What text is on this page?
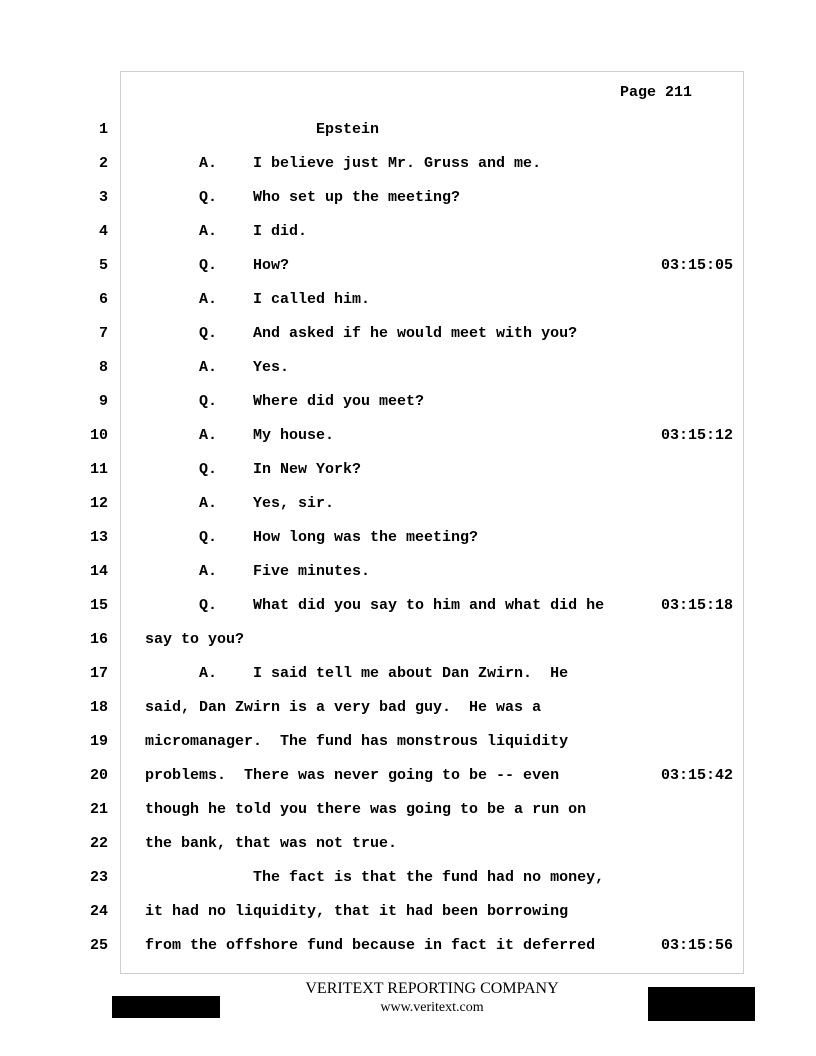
Page 211
1 Epstein
2 A.    I believe just Mr. Gruss and me.
3 Q.    Who set up the meeting?
4 A.    I did.
5 Q.    How?	03:15:05
6 A.    I called him.
7 Q.    And asked if he would meet with you?
8 A.    Yes.
9 Q.    Where did you meet?
10 A.    My house.	03:15:12
11 Q.    In New York?
12 A.    Yes, sir.
13 Q.    How long was the meeting?
14 A.    Five minutes.
15 Q.    What did you say to him and what did he	03:15:18
16 say to you?
17 A.    I said tell me about Dan Zwirn.  He
18 said, Dan Zwirn is a very bad guy.  He was a
19 micromanager.  The fund has monstrous liquidity
20 problems.  There was never going to be -- even	03:15:42
21 though he told you there was going to be a run on
22 the bank, that was not true.
23 The fact is that the fund had no money,
24 it had no liquidity, that it had been borrowing
25 from the offshore fund because in fact it deferred	03:15:56
VERITEXT REPORTING COMPANY
www.veritext.com
